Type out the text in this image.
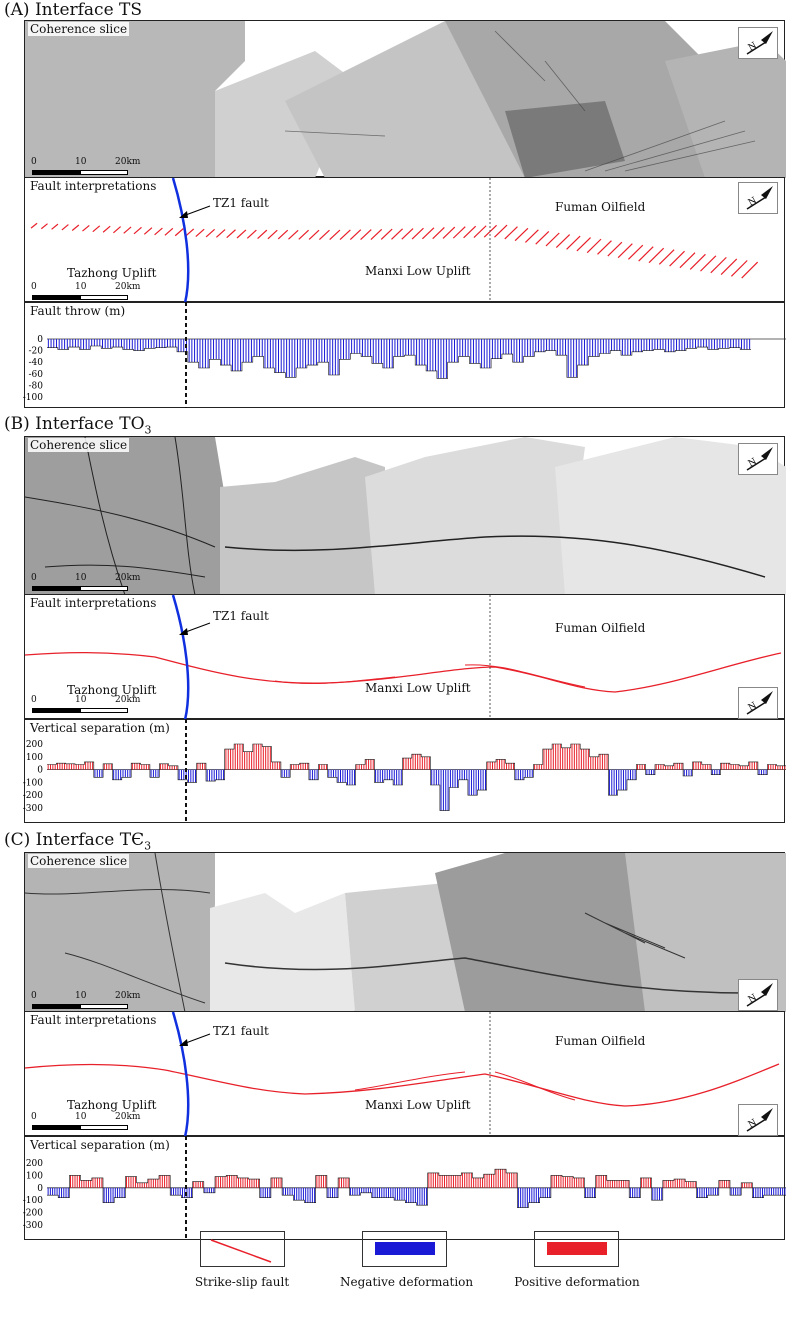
(A) Interface TS
Coherence slice
N
0	10	20km
Fault interpretations
TZ1 fault	Fuman Oilfield
Tazhong Uplift	Manxi Low Uplift
N
0	10	20km
Fault throw (m)
0
-20
-40
-60
-80
-100
(B) Interface $TO_3$
Coherence slice
N
0	10	20km
Fault interpretations
TZ1 fault
Fuman Oilfield
Tazhong Uplift	Manxi Low Uplift
N
0	10	20km
Vertical separation (m)
200
100
0
-100
-200
-300
(C) Interface $TЄ_3$
Coherence slice
N
0	10	20km
Fault interpretations
TZ1 fault
Fuman Oilfield
Tazhong Uplift	Manxi Low Uplift
N
0	10	20km
Vertical separation (m)
200
100
0
-100
-200
-300
Strike-slip fault	Negative deformation	Positive deformation
